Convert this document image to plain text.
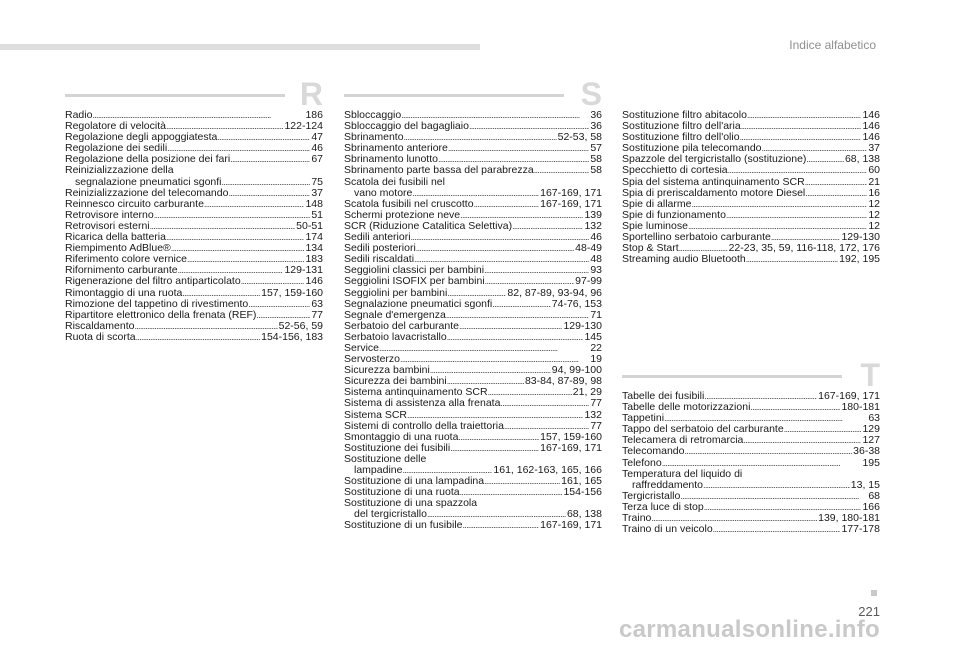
Indice alfabetico
R	S
T
Radio . . .	186
Regolatore di velocità . . .	122-124
Regolazione degli appoggiatesta . . .	47
Regolazione dei sedili . . .	46
Regolazione della posizione dei fari . . .	67
Reinizializzazione della
segnalazione pneumatici sgonfi . . .	75
Reinizializzazione del telecomando . . .	37
Reinnesco circuito carburante . . .	148
Retrovisore interno . . .	51
Retrovisori esterni . . .	50-51
Ricarica della batteria . . .	174
Riempimento AdBlue® . . .	134
Riferimento colore vernice . . .	183
Rifornimento carburante . . .	129-131
Rigenerazione del filtro antiparticolato . . .	146
Rimontaggio di una ruota . . .	157, 159-160
Rimozione del tappetino di rivestimento . . .	63
Ripartitore elettronico della frenata (REF) . . .	77
Riscaldamento . . .	52-56, 59
Ruota di scorta . . .	154-156, 183
Sbloccaggio . . .	36
Sbloccaggio del bagagliaio . . .	36
Sbrinamento . . .	52-53, 58
Sbrinamento anteriore . . .	57
Sbrinamento lunotto . . .	58
Sbrinamento parte bassa del parabrezza . . .	58
Scatola dei fusibili nel
vano motore . . .	167-169, 171
Scatola fusibili nel cruscotto . . .	167-169, 171
Schermi protezione neve . . .	139
SCR (Riduzione Catalitica Selettiva) . . .	132
Sedili anteriori . . .	46
Sedili posteriori . . .	48-49
Sedili riscaldati . . .	48
Seggiolini classici per bambini . . .	93
Seggiolini ISOFIX per bambini . . .	97-99
Seggiolini per bambini . . .	82, 87-89, 93-94, 96
Segnalazione pneumatici sgonfi . . .	74-76, 153
Segnale d'emergenza . . .	71
Serbatoio del carburante . . .	129-130
Serbatoio lavacristallo . . .	145
Service . . .	22
Servosterzo . . .	19
Sicurezza bambini . . .	94, 99-100
Sicurezza dei bambini . . .	83-84, 87-89, 98
Sistema antinquinamento SCR . . .	21, 29
Sistema di assistenza alla frenata . . .	77
Sistema SCR . . .	132
Sistemi di controllo della traiettoria . . .	77
Smontaggio di una ruota . . .	157, 159-160
Sostituzione dei fusibili . . .	167-169, 171
Sostituzione delle
lampadine . . .	161, 162-163, 165, 166
Sostituzione di una lampadina . . .	161, 165
Sostituzione di una ruota . . .	154-156
Sostituzione di una spazzola
del tergicristallo . . .	68, 138
Sostituzione di un fusibile . . .	167-169, 171
Sostituzione filtro abitacolo . . .	146
Sostituzione filtro dell'aria . . .	146
Sostituzione filtro dell'olio . . .	146
Sostituzione pila telecomando . . .	37
Spazzole del tergicristallo (sostituzione) . . .	68, 138
Specchietto di cortesia . . .	60
Spia del sistema antinquinamento SCR . . .	21
Spia di preriscaldamento motore Diesel . . .	16
Spie di allarme . . .	12
Spie di funzionamento . . .	12
Spie luminose . . .	12
Sportellino serbatoio carburante . . .	129-130
Stop & Start . . .	22-23, 35, 59, 116-118, 172, 176
Streaming audio Bluetooth . . .	192, 195
Tabelle dei fusibili . . .	167-169, 171
Tabelle delle motorizzazioni . . .	180-181
Tappetini . . .	63
Tappo del serbatoio del carburante . . .	129
Telecamera di retromarcia . . .	127
Telecomando . . .	36-38
Telefono . . .	195
Temperatura del liquido di
raffreddamento . . .	13, 15
Tergicristallo . . .	68
Terza luce di stop . . .	166
Traino . . .	139, 180-181
Traino di un veicolo . . .	177-178
221
carmanualsonline.info
